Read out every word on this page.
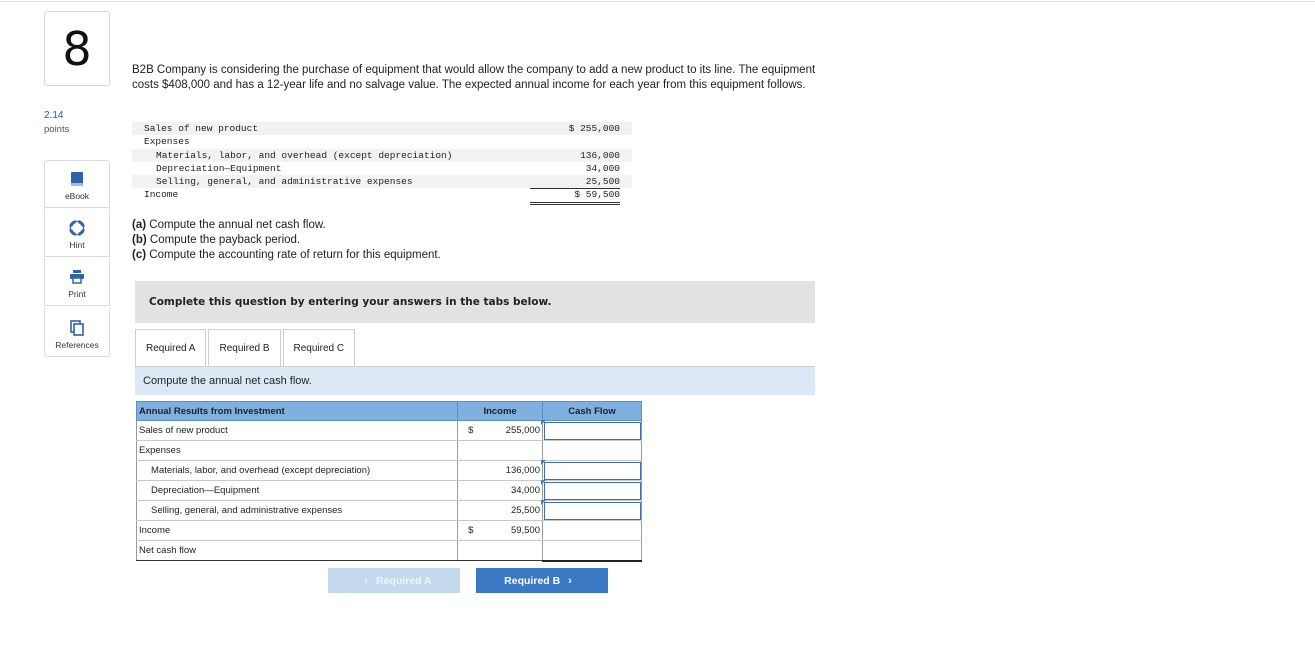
8
2.14
points
eBook
Hint
Print
References
B2B Company is considering the purchase of equipment that would allow the company to add a new product to its line. The equipment costs $408,000 and has a 12-year life and no salvage value. The expected annual income for each year from this equipment follows.
Sales of new product	$ 255,000
Expenses
Materials, labor, and overhead (except depreciation)	136,000
Depreciation—Equipment	34,000
Selling, general, and administrative expenses	25,500
Income	$ 59,500
(a) Compute the annual net cash flow.
(b) Compute the payback period.
(c) Compute the accounting rate of return for this equipment.
Complete this question by entering your answers in the tabs below.
Required A	Required B	Required C
Compute the annual net cash flow.
Annual Results from Investment	Income	Cash Flow
Sales of new product	$ 255,000

Expenses		
Materials, labor, and overhead (except depreciation)	136,000

Depreciation—Equipment	34,000

Selling, general, and administrative expenses	25,500

Income	$ 59,500	

Net cash flow		
‹ Required A	Required B ›
